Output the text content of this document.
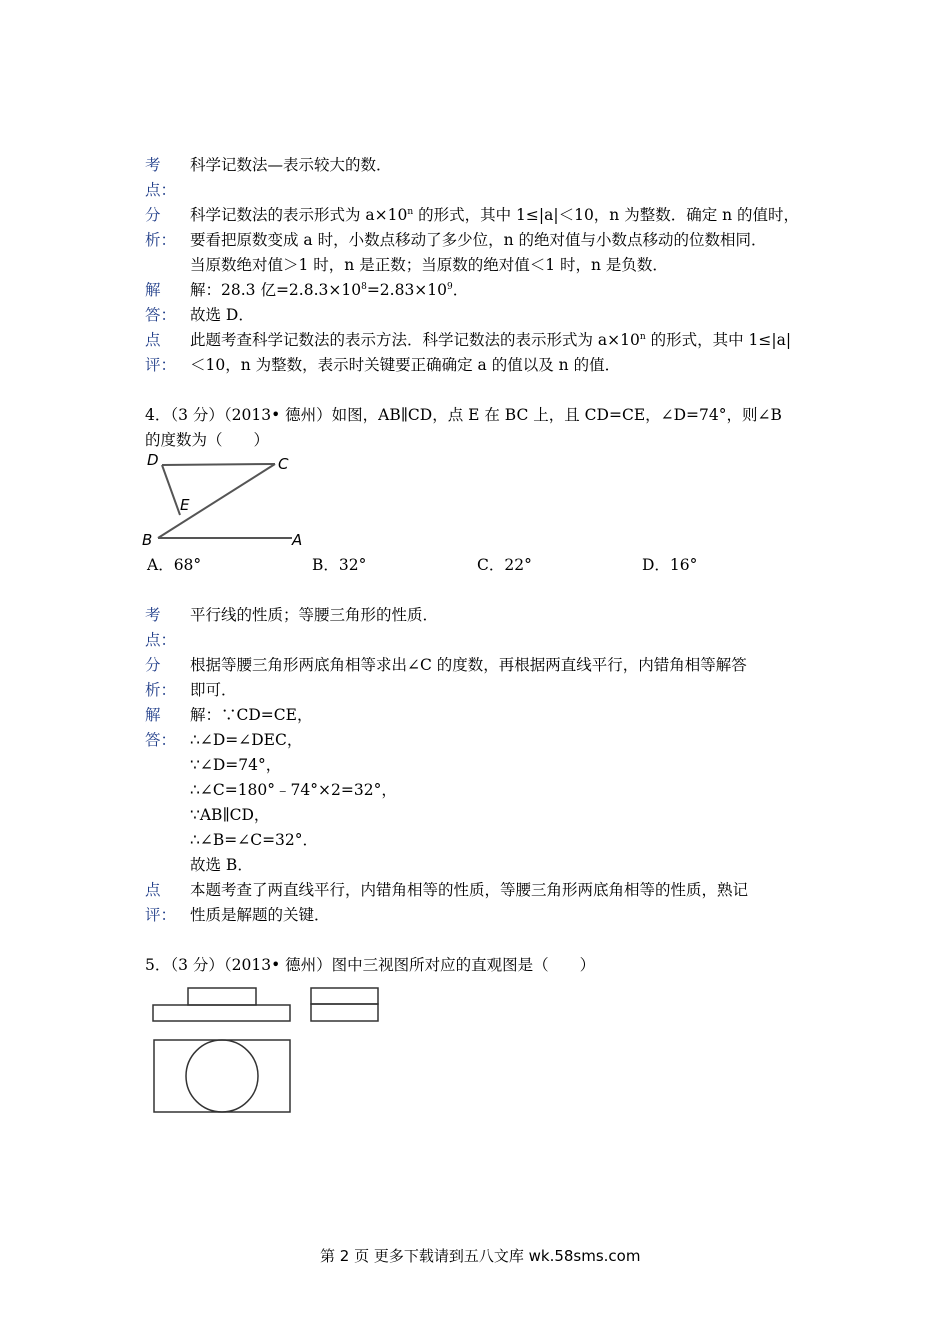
考
点：
科学记数法—表示较大的数．
分
析：
科学记数法的表示形式为 $a\times 10^n$ 的形式，其中 1≤|a|＜10，n 为整数．确定 n 的值时，
要看把原数变成 a 时，小数点移动了多少位，n 的绝对值与小数点移动的位数相同．
当原数绝对值＞1 时，n 是正数；当原数的绝对值＜1 时，n 是负数．
解
答：
解：28.3 亿$=2.8.3\times 10^8=2.83\times 10^9$．
故选 D．
点
评：
此题考查科学记数法的表示方法．科学记数法的表示形式为 $a\times 10^n$ 的形式，其中 1≤|a|
＜10，n 为整数，表示时关键要正确确定 a 的值以及 n 的值．
4．（3 分）（2013• 德州）如图，AB∥CD，点 E 在 BC 上，且 CD=CE，∠D=74°，则∠B
的度数为（　　）
D	C
E
B	A
A．68°	B．32°	C．22°	D．16°
考
点：
平行线的性质；等腰三角形的性质．
分
析：
根据等腰三角形两底角相等求出∠C 的度数，再根据两直线平行，内错角相等解答
即可．
解
答：
解：∵CD=CE，
∴∠D=∠DEC，
∵∠D=74°，
∴∠C=180°﹣74°×2=32°，
∵AB∥CD，
∴∠B=∠C=32°．
故选 B．
点
评：
本题考查了两直线平行，内错角相等的性质，等腰三角形两底角相等的性质，熟记
性质是解题的关键．
5．（3 分）（2013• 德州）图中三视图所对应的直观图是（　　）
第 2 页 更多下载请到五八文库 wk.58sms.com
